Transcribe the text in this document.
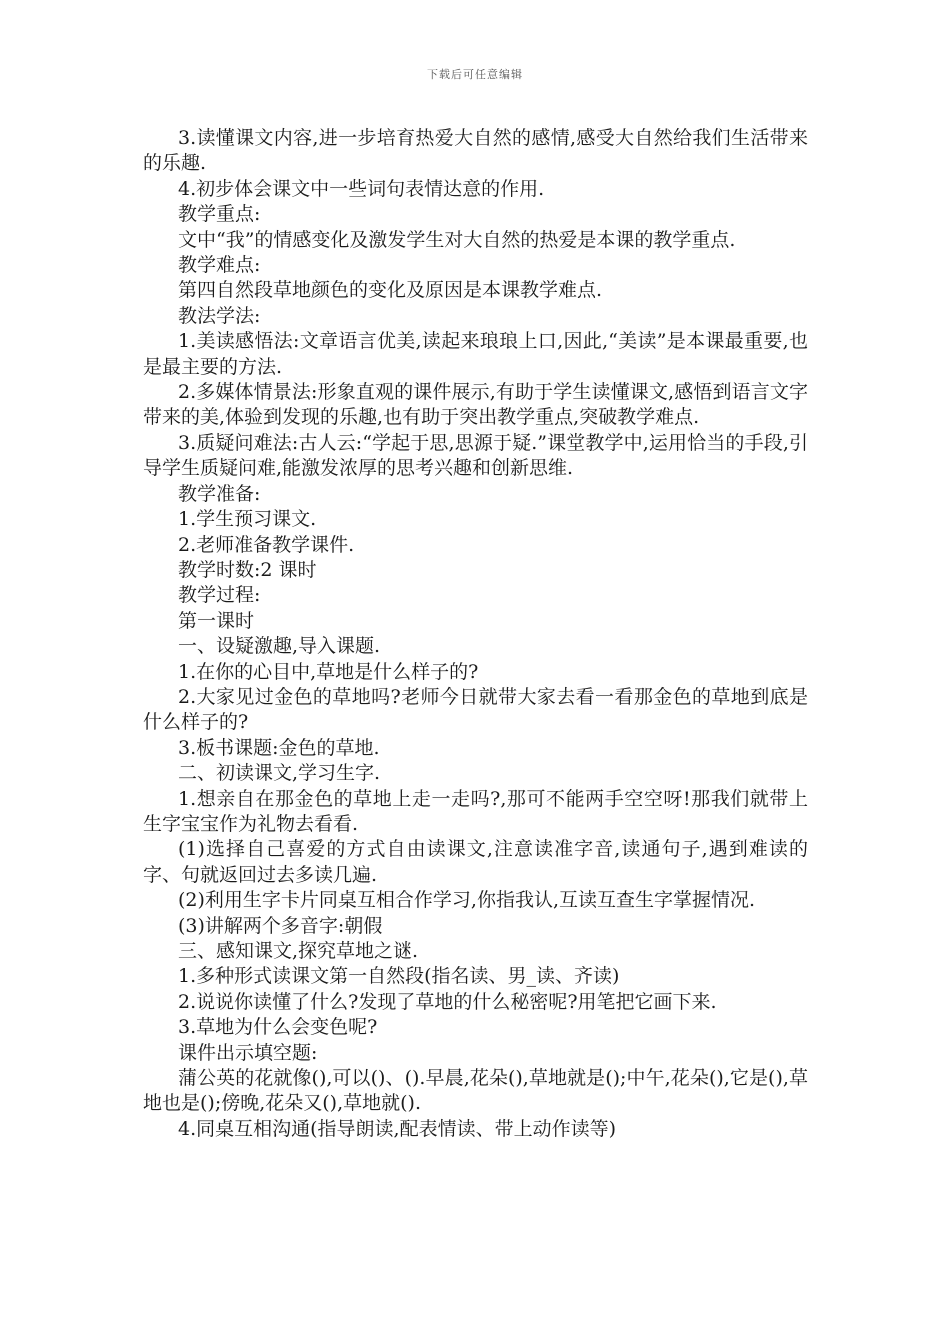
下载后可任意编辑

3.读懂课文内容,进一步培育热爱大自然的感情,感受大自然给我们生活带来的乐趣.

4.初步体会课文中一些词句表情达意的作用.

教学重点:

文中“我”的情感变化及激发学生对大自然的热爱是本课的教学重点.

教学难点:

第四自然段草地颜色的变化及原因是本课教学难点.

教法学法:

1.美读感悟法:文章语言优美,读起来琅琅上口,因此,“美读”是本课最重要,也是最主要的方法.

2.多媒体情景法:形象直观的课件展示,有助于学生读懂课文,感悟到语言文字带来的美,体验到发现的乐趣,也有助于突出教学重点,突破教学难点.

3.质疑问难法:古人云:“学起于思,思源于疑.”课堂教学中,运用恰当的手段,引导学生质疑问难,能激发浓厚的思考兴趣和创新思维.

教学准备:

1.学生预习课文.

2.老师准备教学课件.

教学时数:2 课时

教学过程:

第一课时

一、设疑激趣,导入课题.

1.在你的心目中,草地是什么样子的?

2.大家见过金色的草地吗?老师今日就带大家去看一看那金色的草地到底是什么样子的?

3.板书课题:金色的草地.

二、初读课文,学习生字.

1.想亲自在那金色的草地上走一走吗?,那可不能两手空空呀!那我们就带上生字宝宝作为礼物去看看.

(1)选择自己喜爱的方式自由读课文,注意读准字音,读通句子,遇到难读的字、句就返回过去多读几遍.

(2)利用生字卡片同桌互相合作学习,你指我认,互读互查生字掌握情况.

(3)讲解两个多音字:朝假

三、感知课文,探究草地之谜.

1.多种形式读课文第一自然段(指名读、男_读、齐读)

2.说说你读懂了什么?发现了草地的什么秘密呢?用笔把它画下来.

3.草地为什么会变色呢?

课件出示填空题:

蒲公英的花就像(),可以()、().早晨,花朵(),草地就是();中午,花朵(),它是(),草地也是();傍晚,花朵又(),草地就().

4.同桌互相沟通(指导朗读,配表情读、带上动作读等)
